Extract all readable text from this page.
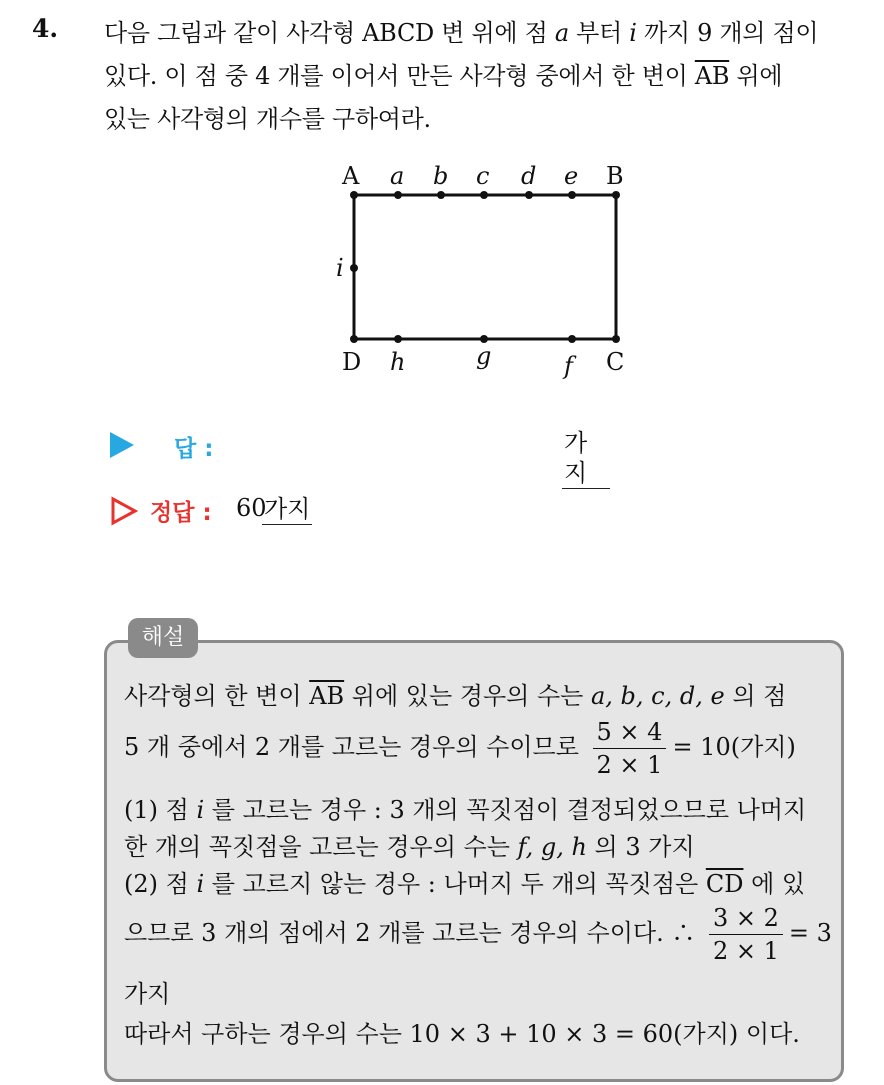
4. 다음 그림과 같이 사각형 ABCD 변 위에 점 a 부터 i 까지 9 개의 점이
있다. 이 점 중 4 개를 이어서 만든 사각형 중에서 한 변이 $\overline{AB}$ 위에
있는 사각형의 개수를 구하여라.
A a b c d e B
i
D h	g	f C
답 :	가지
정답 : 60
가지
해설
사각형의 한 변이 $\overline{AB}$ 위에 있는 경우의 수는 a, b, c, d, e 의 점
5 개 중에서 2 개를 고르는 경우의 수이므로 $\frac{5 \times 4}{2 \times 1} = 10$(가지)
(1) 점 i 를 고르는 경우 : 3 개의 꼭짓점이 결정되었으므로 나머지
한 개의 꼭짓점을 고르는 경우의 수는 f, g, h 의 3 가지
(2) 점 i 를 고르지 않는 경우 : 나머지 두 개의 꼭짓점은 $\overline{CD}$ 에 있
으므로 3 개의 점에서 2 개를 고르는 경우의 수이다. ∴ $\frac{3 \times 2}{2 \times 1} = 3$
가지
따라서 구하는 경우의 수는 10 × 3 + 10 × 3 = 60(가지) 이다.
